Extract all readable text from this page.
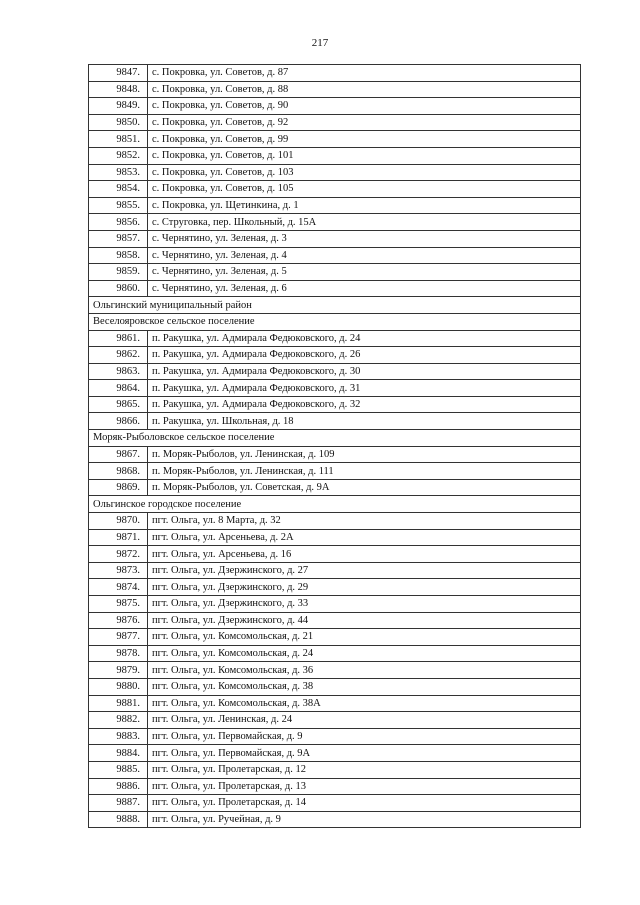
217
9847.	с. Покровка, ул. Советов, д. 87
9848.	с. Покровка, ул. Советов, д. 88
9849.	с. Покровка, ул. Советов, д. 90
9850.	с. Покровка, ул. Советов, д. 92
9851.	с. Покровка, ул. Советов, д. 99
9852.	с. Покровка, ул. Советов, д. 101
9853.	с. Покровка, ул. Советов, д. 103
9854.	с. Покровка, ул. Советов, д. 105
9855.	с. Покровка, ул. Щетинкина, д. 1
9856.	с. Струговка, пер. Школьный, д. 15А
9857.	с. Чернятино, ул. Зеленая, д. 3
9858.	с. Чернятино, ул. Зеленая, д. 4
9859.	с. Чернятино, ул. Зеленая, д. 5
9860.	с. Чернятино, ул. Зеленая, д. 6
Ольгинский муниципальный район	
Веселояровское сельское поселение	
9861.	п. Ракушка, ул. Адмирала Федюковского, д. 24
9862.	п. Ракушка, ул. Адмирала Федюковского, д. 26
9863.	п. Ракушка, ул. Адмирала Федюковского, д. 30
9864.	п. Ракушка, ул. Адмирала Федюковского, д. 31
9865.	п. Ракушка, ул. Адмирала Федюковского, д. 32
9866.	п. Ракушка, ул. Школьная, д. 18
Моряк-Рыболовское сельское поселение	
9867.	п. Моряк-Рыболов, ул. Ленинская, д. 109
9868.	п. Моряк-Рыболов, ул. Ленинская, д. 111
9869.	п. Моряк-Рыболов, ул. Советская, д. 9А
Ольгинское городское поселение	
9870.	пгт. Ольга, ул. 8 Марта, д. 32
9871.	пгт. Ольга, ул. Арсеньева, д. 2А
9872.	пгт. Ольга, ул. Арсеньева, д. 16
9873.	пгт. Ольга, ул. Дзержинского, д. 27
9874.	пгт. Ольга, ул. Дзержинского, д. 29
9875.	пгт. Ольга, ул. Дзержинского, д. 33
9876.	пгт. Ольга, ул. Дзержинского, д. 44
9877.	пгт. Ольга, ул. Комсомольская, д. 21
9878.	пгт. Ольга, ул. Комсомольская, д. 24
9879.	пгт. Ольга, ул. Комсомольская, д. 36
9880.	пгт. Ольга, ул. Комсомольская, д. 38
9881.	пгт. Ольга, ул. Комсомольская, д. 38А
9882.	пгт. Ольга, ул. Ленинская, д. 24
9883.	пгт. Ольга, ул. Первомайская, д. 9
9884.	пгт. Ольга, ул. Первомайская, д. 9А
9885.	пгт. Ольга, ул. Пролетарская, д. 12
9886.	пгт. Ольга, ул. Пролетарская, д. 13
9887.	пгт. Ольга, ул. Пролетарская, д. 14
9888.	пгт. Ольга, ул. Ручейная, д. 9
